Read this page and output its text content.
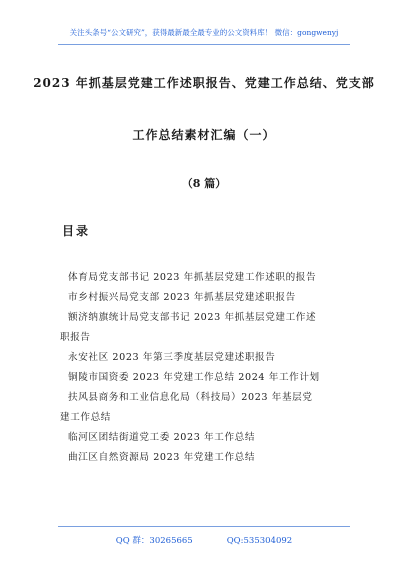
关注头条号“公文研究”，获得最新最全最专业的公文资料库！ 微信：gongwenyj
2023 年抓基层党建工作述职报告、党建工作总结、党支部
工作总结素材汇编（一）
（8 篇）
目录
体育局党支部书记 2023 年抓基层党建工作述职的报告
市乡村振兴局党支部 2023 年抓基层党建述职报告
额济纳旗统计局党支部书记 2023 年抓基层党建工作述
职报告
永安社区 2023 年第三季度基层党建述职报告
铜陵市国资委 2023 年党建工作总结 2024 年工作计划
扶风县商务和工业信息化局（科技局）2023 年基层党
建工作总结
临河区团结街道党工委 2023 年工作总结
曲江区自然资源局 2023 年党建工作总结
QQ 群：30265665	QQ:535304092
